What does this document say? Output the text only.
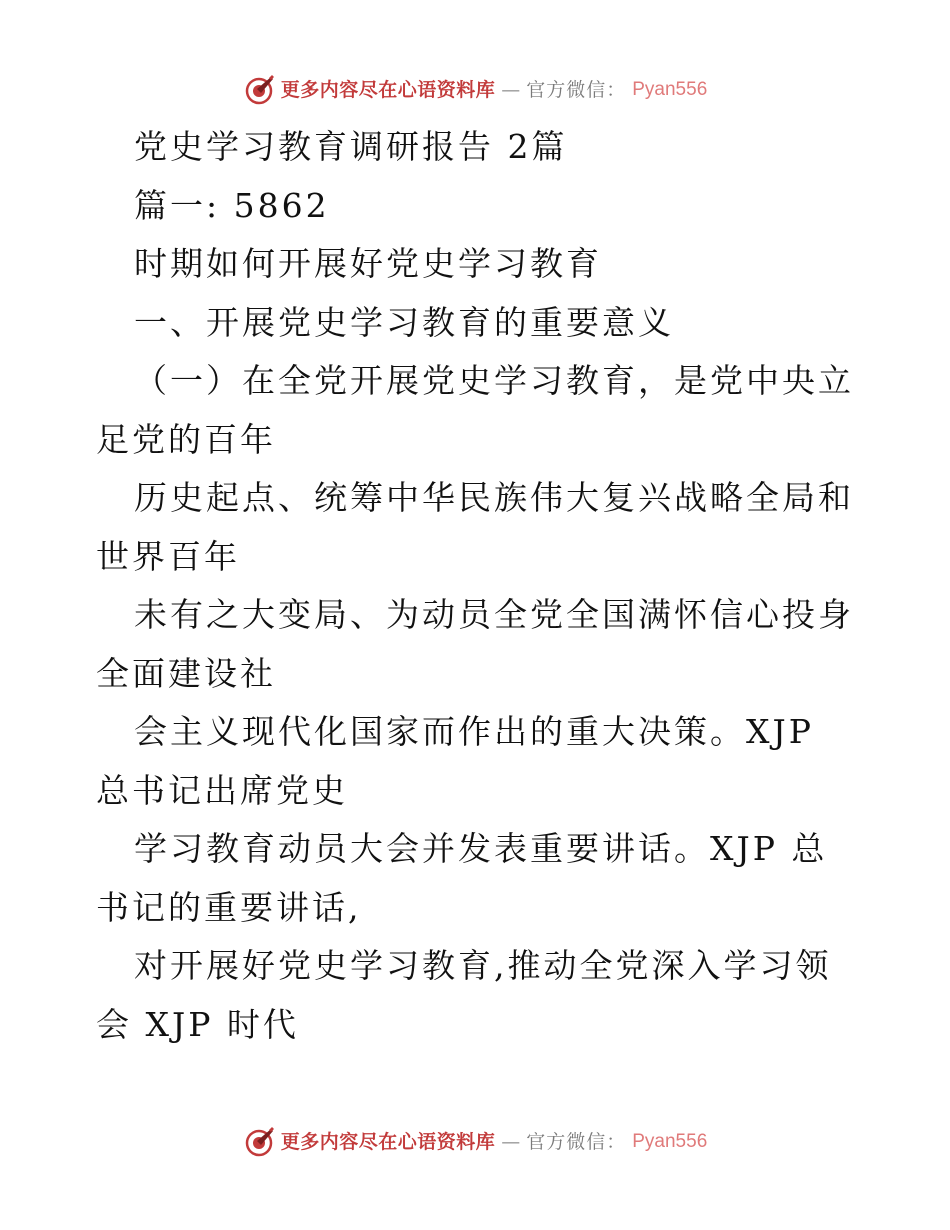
更多内容尽在心语资料库 — 官方微信： Pyan556

党史学习教育调研报告 2篇

篇一: 5862

时期如何开展好党史学习教育

一、开展党史学习教育的重要意义

（一）在全党开展党史学习教育，是党中央立足党的百年

历史起点、统筹中华民族伟大复兴战略全局和世界百年

未有之大变局、为动员全党全国满怀信心投身全面建设社

会主义现代化国家而作出的重大决策。XJP 总书记出席党史

学习教育动员大会并发表重要讲话。XJP 总书记的重要讲话,

对开展好党史学习教育,推动全党深入学习领会 XJP 时代

更多内容尽在心语资料库 — 官方微信： Pyan556
